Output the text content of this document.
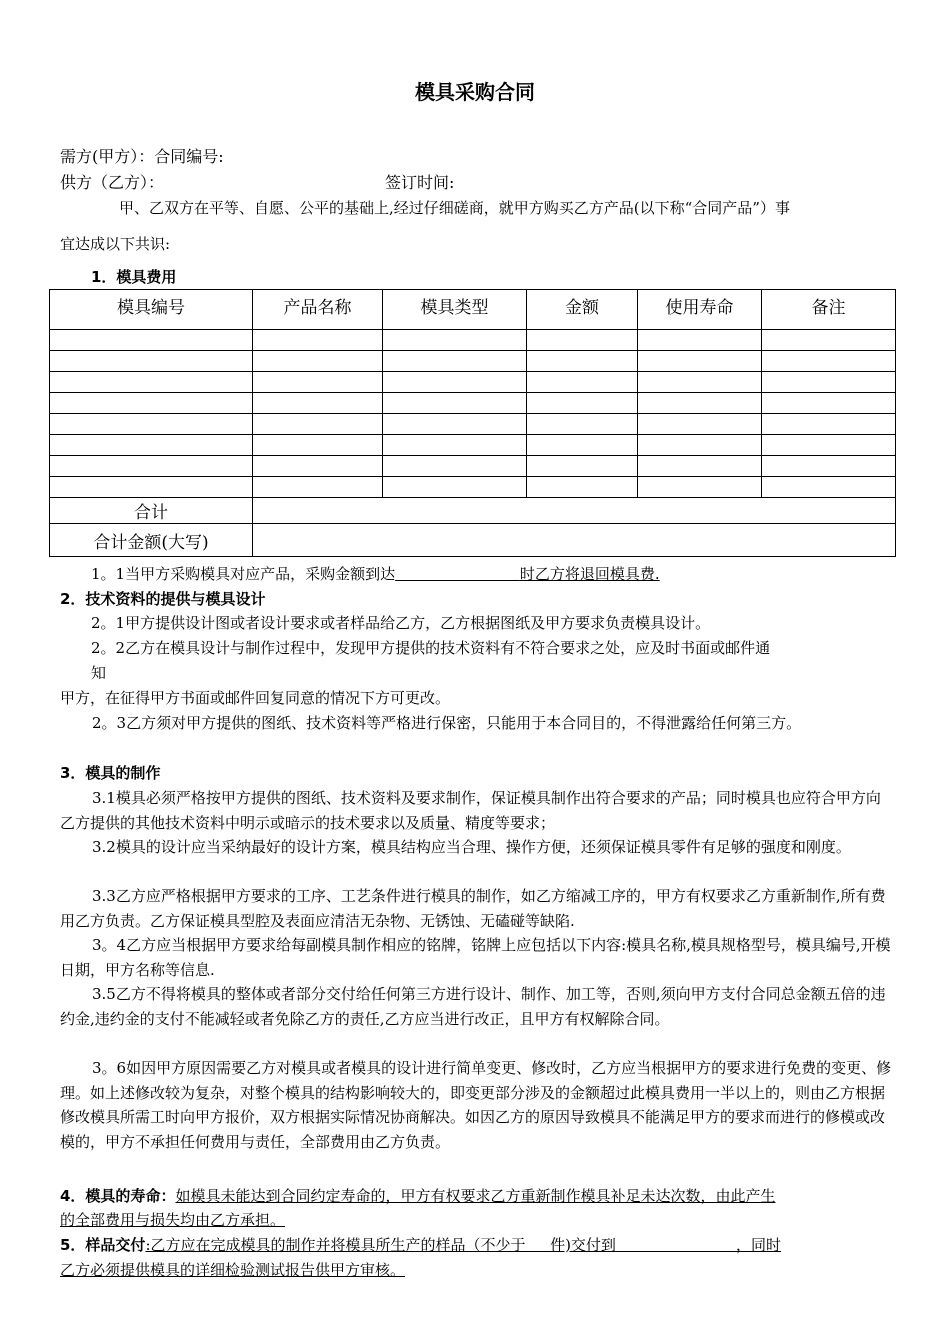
模具采购合同
需方(甲方）：合同编号:
供方（乙方）：	签订时间:
甲、乙双方在平等、自愿、公平的基础上,经过仔细磋商，就甲方购买乙方产品(以下称“合同产品”）事
宜达成以下共识:
1．模具费用
模具编号	产品名称	模具类型	金额	使用寿命	备注

合计					
合计金额(大写)					
1。1当甲方采购模具对应产品，采购金额到达　　　　　　　　	时乙方将退回模具费.
2．技术资料的提供与模具设计
2。1甲方提供设计图或者设计要求或者样品给乙方，乙方根据图纸及甲方要求负责模具设计。
2。2乙方在模具设计与制作过程中，发现甲方提供的技术资料有不符合要求之处，应及时书面或邮件通
知
甲方，在征得甲方书面或邮件回复同意的情况下方可更改。
2。3乙方须对甲方提供的图纸、技术资料等严格进行保密，只能用于本合同目的，不得泄露给任何第三方。
3．模具的制作
3.1模具必须严格按甲方提供的图纸、技术资料及要求制作，保证模具制作出符合要求的产品；同时模具也应符合甲方向乙方提供的其他技术资料中明示或暗示的技术要求以及质量、精度等要求；
3.2模具的设计应当采纳最好的设计方案，模具结构应当合理、操作方便，还须保证模具零件有足够的强度和刚度。
3.3乙方应严格根据甲方要求的工序、工艺条件进行模具的制作，如乙方缩减工序的，甲方有权要求乙方重新制作,所有费用乙方负责。乙方保证模具型腔及表面应清洁无杂物、无锈蚀、无磕碰等缺陷.
3。4乙方应当根据甲方要求给每副模具制作相应的铭牌，铭牌上应包括以下内容:模具名称,模具规格型号，模具编号,开模日期，甲方名称等信息.
3.5乙方不得将模具的整体或者部分交付给任何第三方进行设计、制作、加工等，否则,须向甲方支付合同总金额五倍的违约金,违约金的支付不能减轻或者免除乙方的责任,乙方应当进行改正，且甲方有权解除合同。
3。6如因甲方原因需要乙方对模具或者模具的设计进行简单变更、修改时，乙方应当根据甲方的要求进行免费的变更、修理。如上述修改较为复杂，对整个模具的结构影响较大的，即变更部分涉及的金额超过此模具费用一半以上的，则由乙方根据修改模具所需工时向甲方报价，双方根据实际情况协商解决。如因乙方的原因导致模具不能满足甲方的要求而进行的修模或改模的，甲方不承担任何费用与责任，全部费用由乙方负责。
4．模具的寿命：如模具未能达到合同约定寿命的，甲方有权要求乙方重新制作模具补足未达次数，由此产生
的全部费用与损失均由乙方承担。
5．样品交付:乙方应在完成模具的制作并将模具所生产的样品（不少于　 件)交付到　　　　　　　　	，同时
乙方必须提供模具的详细检验测试报告供甲方审核。
